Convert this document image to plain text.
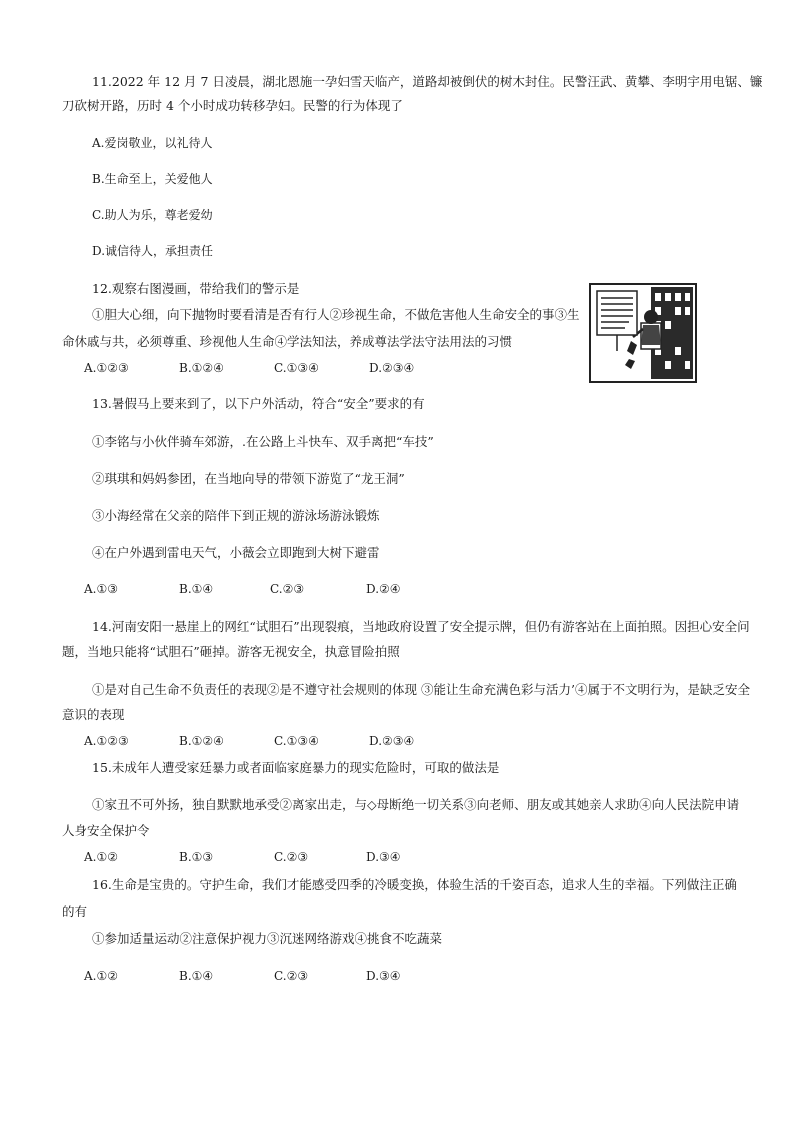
11.2022 年 12 月 7 日凌晨，湖北恩施一孕妇雪天临产，道路却被倒伏的树木封住。民警汪武、黄攀、李明宇用电锯、镰
刀砍树开路，历时 4 个小时成功转移孕妇。民警的行为体现了
A.爱岗敬业，以礼待人
B.生命至上，关爱他人
C.助人为乐，尊老爱幼
D.诚信待人，承担责任
12.观察右图漫画，带给我们的警示是
①胆大心细，向下抛物时要看清是否有行人②珍视生命，不做危害他人生命安全的事③生
命休戚与共，必须尊重、珍视他人生命④学法知法，养成尊法学法守法用法的习惯
A.①②③	B.①②④	C.①③④	D.②③④
13.暑假马上要来到了，以下户外活动，符合“安全”要求的有
①李铭与小伙伴骑车郊游，.在公路上斗快车、双手离把“车技”
②琪琪和妈妈参团，在当地向导的带领下游览了“龙王洞”
③小海经常在父亲的陪伴下到正规的游泳场游泳锻炼
④在户外遇到雷电天气，小薇会立即跑到大树下避雷
A.①③	B.①④	C.②③	D.②④
14.河南安阳一悬崖上的网红“试胆石”出现裂痕，当地政府设置了安全提示牌，但仍有游客站在上面拍照。因担心安全问
题，当地只能将“试胆石”砸掉。游客无视安全，执意冒险拍照
①是对自己生命不负责任的表现②是不遵守社会规则的体现 ③能让生命充满色彩与活力’④属于不文明行为，是缺乏安全
意识的表现
A.①②③	B.①②④	C.①③④	D.②③④
15.未成年人遭受家廷暴力或者面临家庭暴力的现实危险时，可取的做法是
①家丑不可外扬，独自默默地承受②离家出走，与◇母断绝一切关系③向老师、朋友或其她亲人求助④向人民法院申请
人身安全保护令
A.①②	B.①③	C.②③	D.③④
16.生命是宝贵的。守护生命，我们才能感受四季的冷暖变换，体验生活的千姿百态，追求人生的幸福。下列做注正确
的有
①参加适量运动②注意保护视力③沉迷网络游戏④挑食不吃蔬菜
A.①②	B.①④	C.②③	D.③④
